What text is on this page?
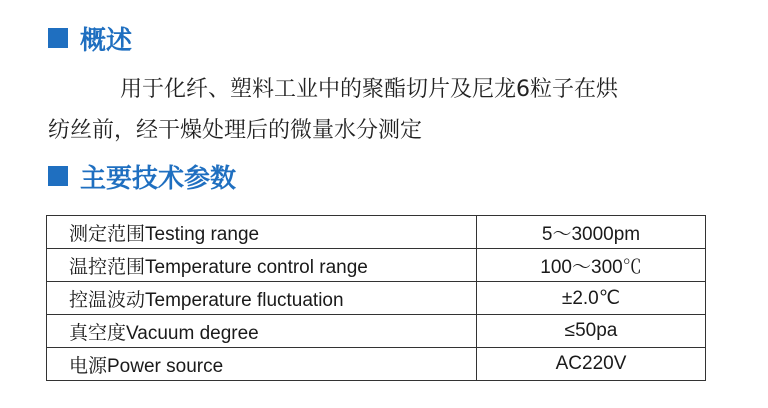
概述
用于化纤、塑料工业中的聚酯切片及尼龙6粒子在烘
纺丝前，经干燥处理后的微量水分测定
主要技术参数
测定范围Testing range	5～3000pm
温控范围Temperature control range	100～300℃
控温波动Temperature fluctuation	±2.0℃
真空度Vacuum degree	≤50pa
电源Power source	AC220V
